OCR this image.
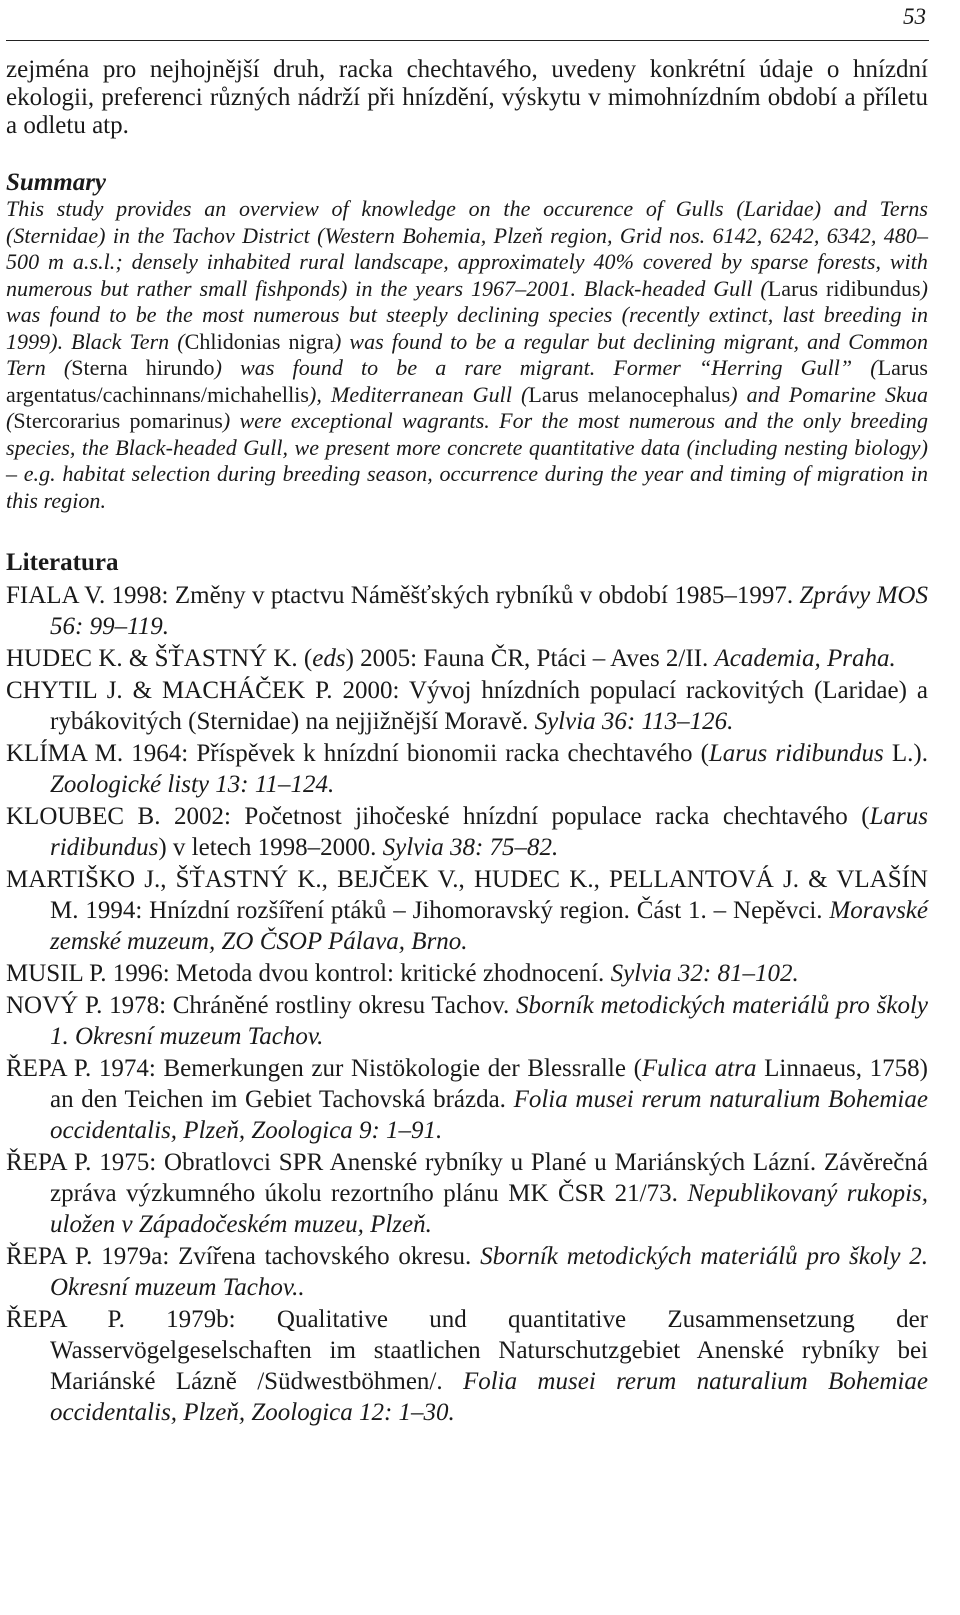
53

zejména pro nejhojnější druh, racka chechtavého, uvedeny konkrétní údaje o hnízdní ekologii, preferenci různých nádrží při hnízdění, výskytu v mimohnízdním období a příletu a odletu atp.

Summary

This study provides an overview of knowledge on the occurence of Gulls (Laridae) and Terns (Sternidae) in the Tachov District (Western Bohemia, Plzeň region, Grid nos. 6142, 6242, 6342, 480–500 m a.s.l.; densely inhabited rural landscape, approximately 40% covered by sparse forests, with numerous but rather small fishponds) in the years 1967–2001. Black-headed Gull (Larus ridibundus) was found to be the most numerous but steeply declining species (recently extinct, last breeding in 1999). Black Tern (Chlidonias nigra) was found to be a regular but declining migrant, and Common Tern (Sterna hirundo) was found to be a rare migrant. Former “Herring Gull” (Larus argentatus/cachinnans/michahellis), Mediterranean Gull (Larus melanocephalus) and Pomarine Skua (Stercorarius pomarinus) were exceptional wagrants. For the most numerous and the only breeding species, the Black-headed Gull, we present more concrete quantitative data (including nesting biology) – e.g. habitat selection during breeding season, occurrence during the year and timing of migration in this region.

Literatura

FIALA V. 1998: Změny v ptactvu Náměšťských rybníků v období 1985–1997. Zprávy MOS 56: 99–119.

HUDEC K. & ŠŤASTNÝ K. (eds) 2005: Fauna ČR, Ptáci – Aves 2/II. Academia, Praha.

CHYTIL J. & MACHÁČEK P. 2000: Vývoj hnízdních populací rackovitých (Laridae) a rybákovitých (Sternidae) na nejjižnější Moravě. Sylvia 36: 113–126.

KLÍMA M. 1964: Příspěvek k hnízdní bionomii racka chechtavého (Larus ridibundus L.). Zoologické listy 13: 11–124.

KLOUBEC B. 2002: Početnost jihočeské hnízdní populace racka chechtavého (Larus ridibundus) v letech 1998–2000. Sylvia 38: 75–82.

MARTIŠKO J., ŠŤASTNÝ K., BEJČEK V., HUDEC K., PELLANTOVÁ J. & VLAŠÍN M. 1994: Hnízdní rozšíření ptáků – Jihomoravský region. Část 1. – Nepěvci. Moravské zemské muzeum, ZO ČSOP Pálava, Brno.

MUSIL P. 1996: Metoda dvou kontrol: kritické zhodnocení. Sylvia 32: 81–102.

NOVÝ P. 1978: Chráněné rostliny okresu Tachov. Sborník metodických materiálů pro školy 1. Okresní muzeum Tachov.

ŘEPA P. 1974: Bemerkungen zur Nistökologie der Blessralle (Fulica atra Linnaeus, 1758) an den Teichen im Gebiet Tachovská brázda. Folia musei rerum naturalium Bohemiae occidentalis, Plzeň, Zoologica 9: 1–91.

ŘEPA P. 1975: Obratlovci SPR Anenské rybníky u Plané u Mariánských Lázní. Závěrečná zpráva výzkumného úkolu rezortního plánu MK ČSR 21/73. Nepublikovaný rukopis, uložen v Západočeském muzeu, Plzeň.

ŘEPA P. 1979a: Zvířena tachovského okresu. Sborník metodických materiálů pro školy 2. Okresní muzeum Tachov..

ŘEPA P. 1979b: Qualitative und quantitative Zusammensetzung der Wasservögelgeselschaften im staatlichen Naturschutzgebiet Anenské rybníky bei Mariánské Lázně /Südwestböhmen/. Folia musei rerum naturalium Bohemiae occidentalis, Plzeň, Zoologica 12: 1–30.
